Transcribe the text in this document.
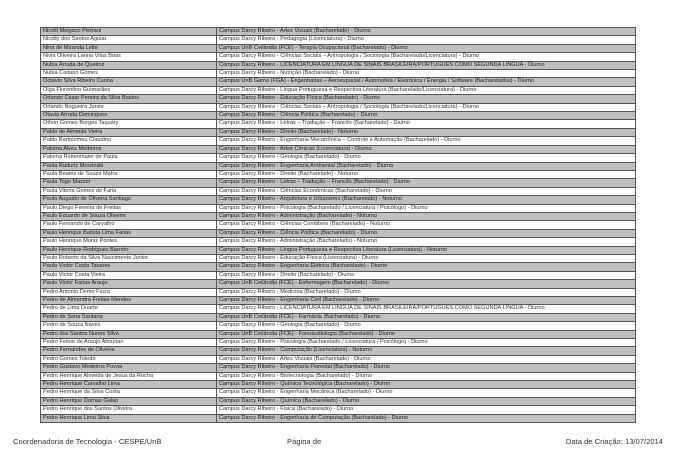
Nicolli Melgaco Pietrani	Campus Darcy Ribeiro - Artes Visuais (Bacharelado) - Diurno
Nicolly dos Santos Aguiar	Campus Darcy Ribeiro - Pedagogia (Licenciatura) - Diurno
Nina de Miranda Leite	Campus UnB Ceilândia (FCE) - Terapia Ocupacional (Bacharelado) - Diurno
Nivia Oliveira Lanna Vilas Boas	Campus Darcy Ribeiro - Ciências Sociais – Antropologia / Sociologia (Bacharelado/Licenciatura) - Diurno
Nubia Arruda de Queiroz	Campus Darcy Ribeiro - LICENCIATURA EM LÍNGUA DE SINAIS BRASILEIRA/PORTUGUÊS COMO SEGUNDA LÍNGUA - Diurno
Nubia Caitano Gomes	Campus Darcy Ribeiro - Nutrição (Bacharelado) - Diurno
Octavio Silva Ribeiro Cunha	Campus UnB Gama (FGA) - Engenharias – Aeroespacial / Automotiva / Eletrônica / Energia / Software (Bacharelados) - Diurno
Olga Florentino Guimarães	Campus Darcy Ribeiro - Língua Portuguesa e Respectiva Literatura (Bacharelado/Licenciatura) - Diurno
Orlando Cesar Pereira da Silva Bastos	Campus Darcy Ribeiro - Educação Física (Bacharelado) - Diurno
Orlando Nogueira Junior	Campus Darcy Ribeiro - Ciências Sociais – Antropologia / Sociologia (Bacharelado/Licenciatura) - Diurno
Otavio Arruda Domingues	Campus Darcy Ribeiro - Ciência Política (Bacharelado) - Diurno
Othon Gomes Borges Taquary	Campus Darcy Ribeiro - Letras – Tradução – Francês (Bacharelado) - Diurno
Pablo de Almeida Vieira	Campus Darcy Ribeiro - Direito (Bacharelado) - Noturno
Pablo Bartolomeu Claudino	Campus Darcy Ribeiro - Engenharia Mecatrônica – Controle e Automação (Bacharelado) - Diurno
Paloma Alves Medeiros	Campus Darcy Ribeiro - Artes Cênicas (Licenciatura) - Diurno
Paloma Rettenmaier de Paula	Campus Darcy Ribeiro - Geologia (Bacharelado) - Diurno
Paola Raduriz Mrozinski	Campus Darcy Ribeiro - Engenharia Ambiental (Bacharelado) - Diurno
Paula Beatriz de Souza Mafra	Campus Darcy Ribeiro - Direito (Bacharelado) - Noturno
Paula Togo Mazzei	Campus Darcy Ribeiro - Letras – Tradução – Francês (Bacharelado) - Diurno
Paula Vitoria Gomes de Faria	Campus Darcy Ribeiro - Ciências Econômicas (Bacharelado) - Diurno
Paulo Augusto de Oliveira Santiago	Campus Darcy Ribeiro - Arquitetura e Urbanismo (Bacharelado) - Noturno
Paulo Diego Ferreira de Freitas	Campus Darcy Ribeiro - Psicologia (Bacharelado / Licenciatura / Psicólogo) - Diurno
Paulo Eduardo de Souza Oliveira	Campus Darcy Ribeiro - Administração (Bacharelado) - Noturno
Paulo Fernando de Carvalho	Campus Darcy Ribeiro - Ciências Contábeis (Bacharelado) - Noturno
Paulo Henrique Batista Lima Farias	Campus Darcy Ribeiro - Ciência Política (Bacharelado) - Diurno
Paulo Henrique Muniz Pontes	Campus Darcy Ribeiro - Administração (Bacharelado) - Noturno
Paulo Henrique Rodrigues Barreto	Campus Darcy Ribeiro - Língua Portuguesa e Respectiva Literatura (Licenciatura) - Noturno
Paulo Roberto da Silva Nascimento Junior	Campus Darcy Ribeiro - Educação Física (Licenciatura) - Diurno
Paulo Victor Costa Tavares	Campus Darcy Ribeiro - Engenharia Elétrica (Bacharelado) - Diurno
Paulo Victor Costa Vieira	Campus Darcy Ribeiro - Direito (Bacharelado) - Diurno
Paulo Victor Farias Araujo	Campus UnB Ceilândia (FCE) - Enfermagem (Bacharelado) - Diurno
Pedro Antonio Demo Fiuza	Campus Darcy Ribeiro - Medicina (Bacharelado) - Diurno
Pedro de Almendra Freitas Mendes	Campus Darcy Ribeiro - Engenharia Civil (Bacharelado) - Diurno
Pedro de Lima Duarte	Campus Darcy Ribeiro - LICENCIATURA EM LÍNGUA DE SINAIS BRASILEIRA/PORTUGUÊS COMO SEGUNDA LÍNGUA - Diurno
Pedro de Sena Santana	Campus UnB Ceilândia (FCE) - Farmácia (Bacharelado) - Diurno
Pedro de Souza Naves	Campus Darcy Ribeiro - Geologia (Bacharelado) - Diurno
Pedro dos Santos Nunes Silva	Campus UnB Ceilândia (FCE) - Fonoaudiologia (Bacharelado) - Diurno
Pedro Feitoe de Araujo Altourian	Campus Darcy Ribeiro - Psicologia (Bacharelado / Licenciatura / Psicólogo) - Diurno
Pedro Fernandes de Oliveira	Campus Darcy Ribeiro - Computação (Licenciatura) - Noturno
Pedro Gomes Toledo	Campus Darcy Ribeiro - Artes Visuais (Bacharelado) - Diurno
Pedro Gustavo Medeiros Povoa	Campus Darcy Ribeiro - Engenharia Florestal (Bacharelado) - Diurno
Pedro Henrique Almeida de Jesus da Rocha	Campus Darcy Ribeiro - Biotecnologia (Bacharelado) - Diurno
Pedro Henrique Carvalho Lima	Campus Darcy Ribeiro - Química Tecnológica (Bacharelado) - Diurno
Pedro Henrique da Silva Costa	Campus Darcy Ribeiro - Engenharia Mecânica (Bacharelado) - Diurno
Pedro Henrique Dornas Galao	Campus Darcy Ribeiro - Química (Bacharelado) - Diurno
Pedro Henrique dos Santos Oliveira	Campus Darcy Ribeiro - Física (Bacharelado) - Diurno
Pedro Henrique Lima Silva	Campus Darcy Ribeiro - Engenharia de Computação (Bacharelado) - Diurno
Coordenadoria de Tecnologia - CESPE/UnB	Página de	Data de Criação: 13/07/2014
